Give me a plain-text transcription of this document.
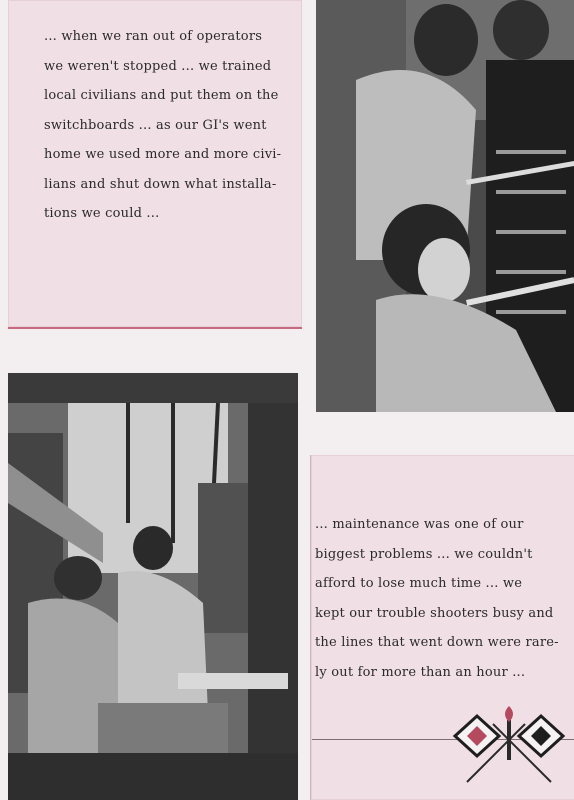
... when we ran out of operators

we weren't stopped ... we trained

local civilians and put them on the

switchboards ... as our GI's went

home we used more and more civi-

lians and shut down what installa-

tions we could ...

... maintenance was one of our

biggest problems ... we couldn't

afford to lose much time ... we

kept our trouble shooters busy and

the lines that went down were rare-

ly out for more than an hour ...
